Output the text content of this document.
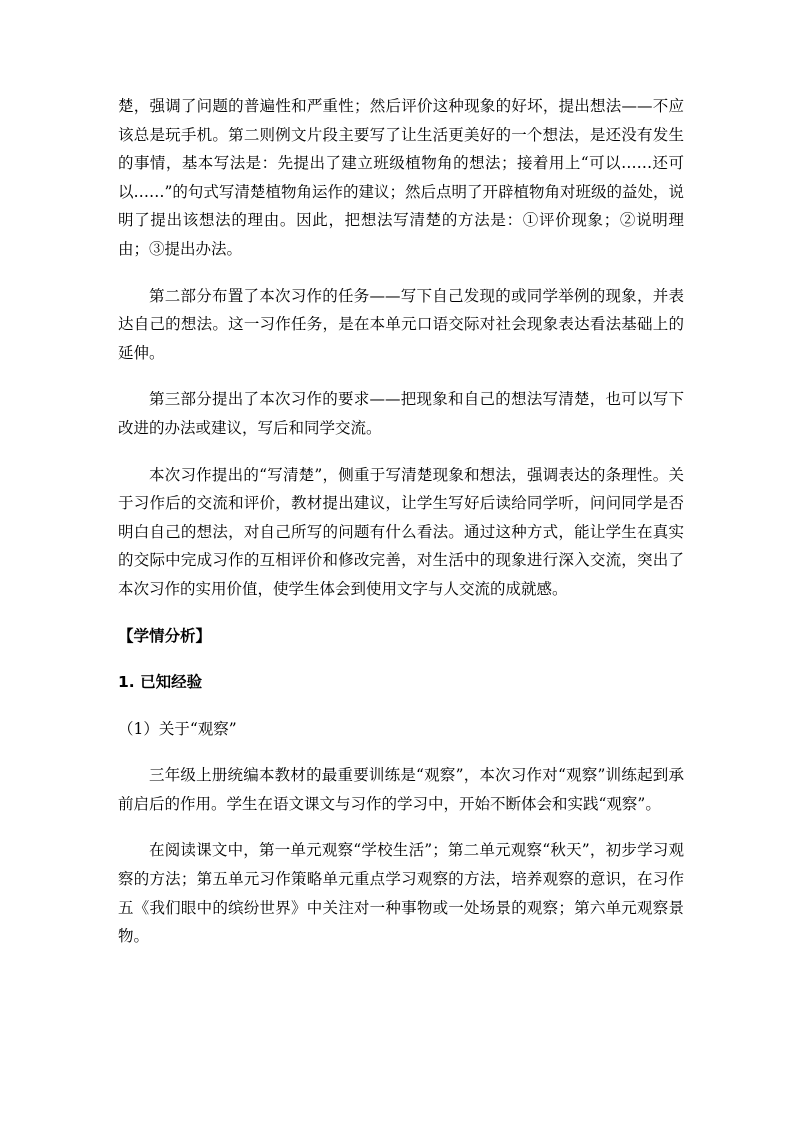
楚，强调了问题的普遍性和严重性；然后评价这种现象的好坏，提出想法——不应该总是玩手机。第二则例文片段主要写了让生活更美好的一个想法，是还没有发生的事情，基本写法是：先提出了建立班级植物角的想法；接着用上“可以……还可以……”的句式写清楚植物角运作的建议；然后点明了开辟植物角对班级的益处，说明了提出该想法的理由。因此，把想法写清楚的方法是：①评价现象；②说明理由；③提出办法。

第二部分布置了本次习作的任务——写下自己发现的或同学举例的现象，并表达自己的想法。这一习作任务，是在本单元口语交际对社会现象表达看法基础上的延伸。

第三部分提出了本次习作的要求——把现象和自己的想法写清楚，也可以写下改进的办法或建议，写后和同学交流。

本次习作提出的“写清楚”，侧重于写清楚现象和想法，强调表达的条理性。关于习作后的交流和评价，教材提出建议，让学生写好后读给同学听，问问同学是否明白自己的想法，对自己所写的问题有什么看法。通过这种方式，能让学生在真实的交际中完成习作的互相评价和修改完善，对生活中的现象进行深入交流，突出了本次习作的实用价值，使学生体会到使用文字与人交流的成就感。

【学情分析】
1. 已知经验
（1）关于“观察”

三年级上册统编本教材的最重要训练是“观察”，本次习作对“观察”训练起到承前启后的作用。学生在语文课文与习作的学习中，开始不断体会和实践“观察”。

在阅读课文中，第一单元观察“学校生活”；第二单元观察“秋天”，初步学习观察的方法；第五单元习作策略单元重点学习观察的方法，培养观察的意识，在习作五《我们眼中的缤纷世界》中关注对一种事物或一处场景的观察；第六单元观察景物。
